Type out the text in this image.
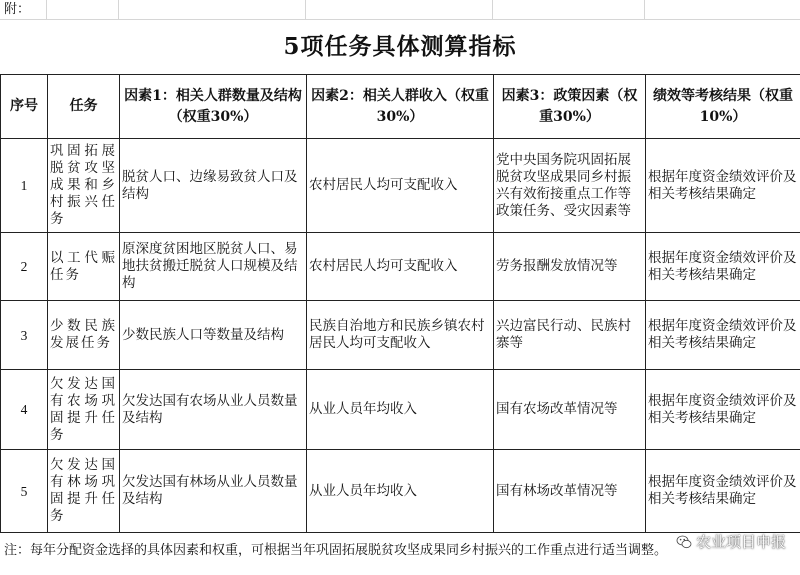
附：
5项任务具体测算指标
序号	任务	因素1：相关人群数量及结构（权重30%）	因素2：相关人群收入（权重30%）	因素3：政策因素（权重30%）	绩效等考核结果（权重10%）
1	巩固拓展脱贫攻坚成果和乡村振兴任务	脱贫人口、边缘易致贫人口及结构	农村居民人均可支配收入	党中央国务院巩固拓展脱贫攻坚成果同乡村振兴有效衔接重点工作等政策任务、受灾因素等	根据年度资金绩效评价及相关考核结果确定
2	以工代赈任务	原深度贫困地区脱贫人口、易地扶贫搬迁脱贫人口规模及结构	农村居民人均可支配收入	劳务报酬发放情况等	根据年度资金绩效评价及相关考核结果确定
3	少数民族发展任务	少数民族人口等数量及结构	民族自治地方和民族乡镇农村居民人均可支配收入	兴边富民行动、民族村寨等	根据年度资金绩效评价及相关考核结果确定
4	欠发达国有农场巩固提升任务	欠发达国有农场从业人员数量及结构	从业人员年均收入	国有农场改革情况等	根据年度资金绩效评价及相关考核结果确定
5	欠发达国有林场巩固提升任务	欠发达国有林场从业人员数量及结构	从业人员年均收入	国有林场改革情况等	根据年度资金绩效评价及相关考核结果确定
注：每年分配资金选择的具体因素和权重，可根据当年巩固拓展脱贫攻坚成果同乡村振兴的工作重点进行适当调整。	农业项目申报
